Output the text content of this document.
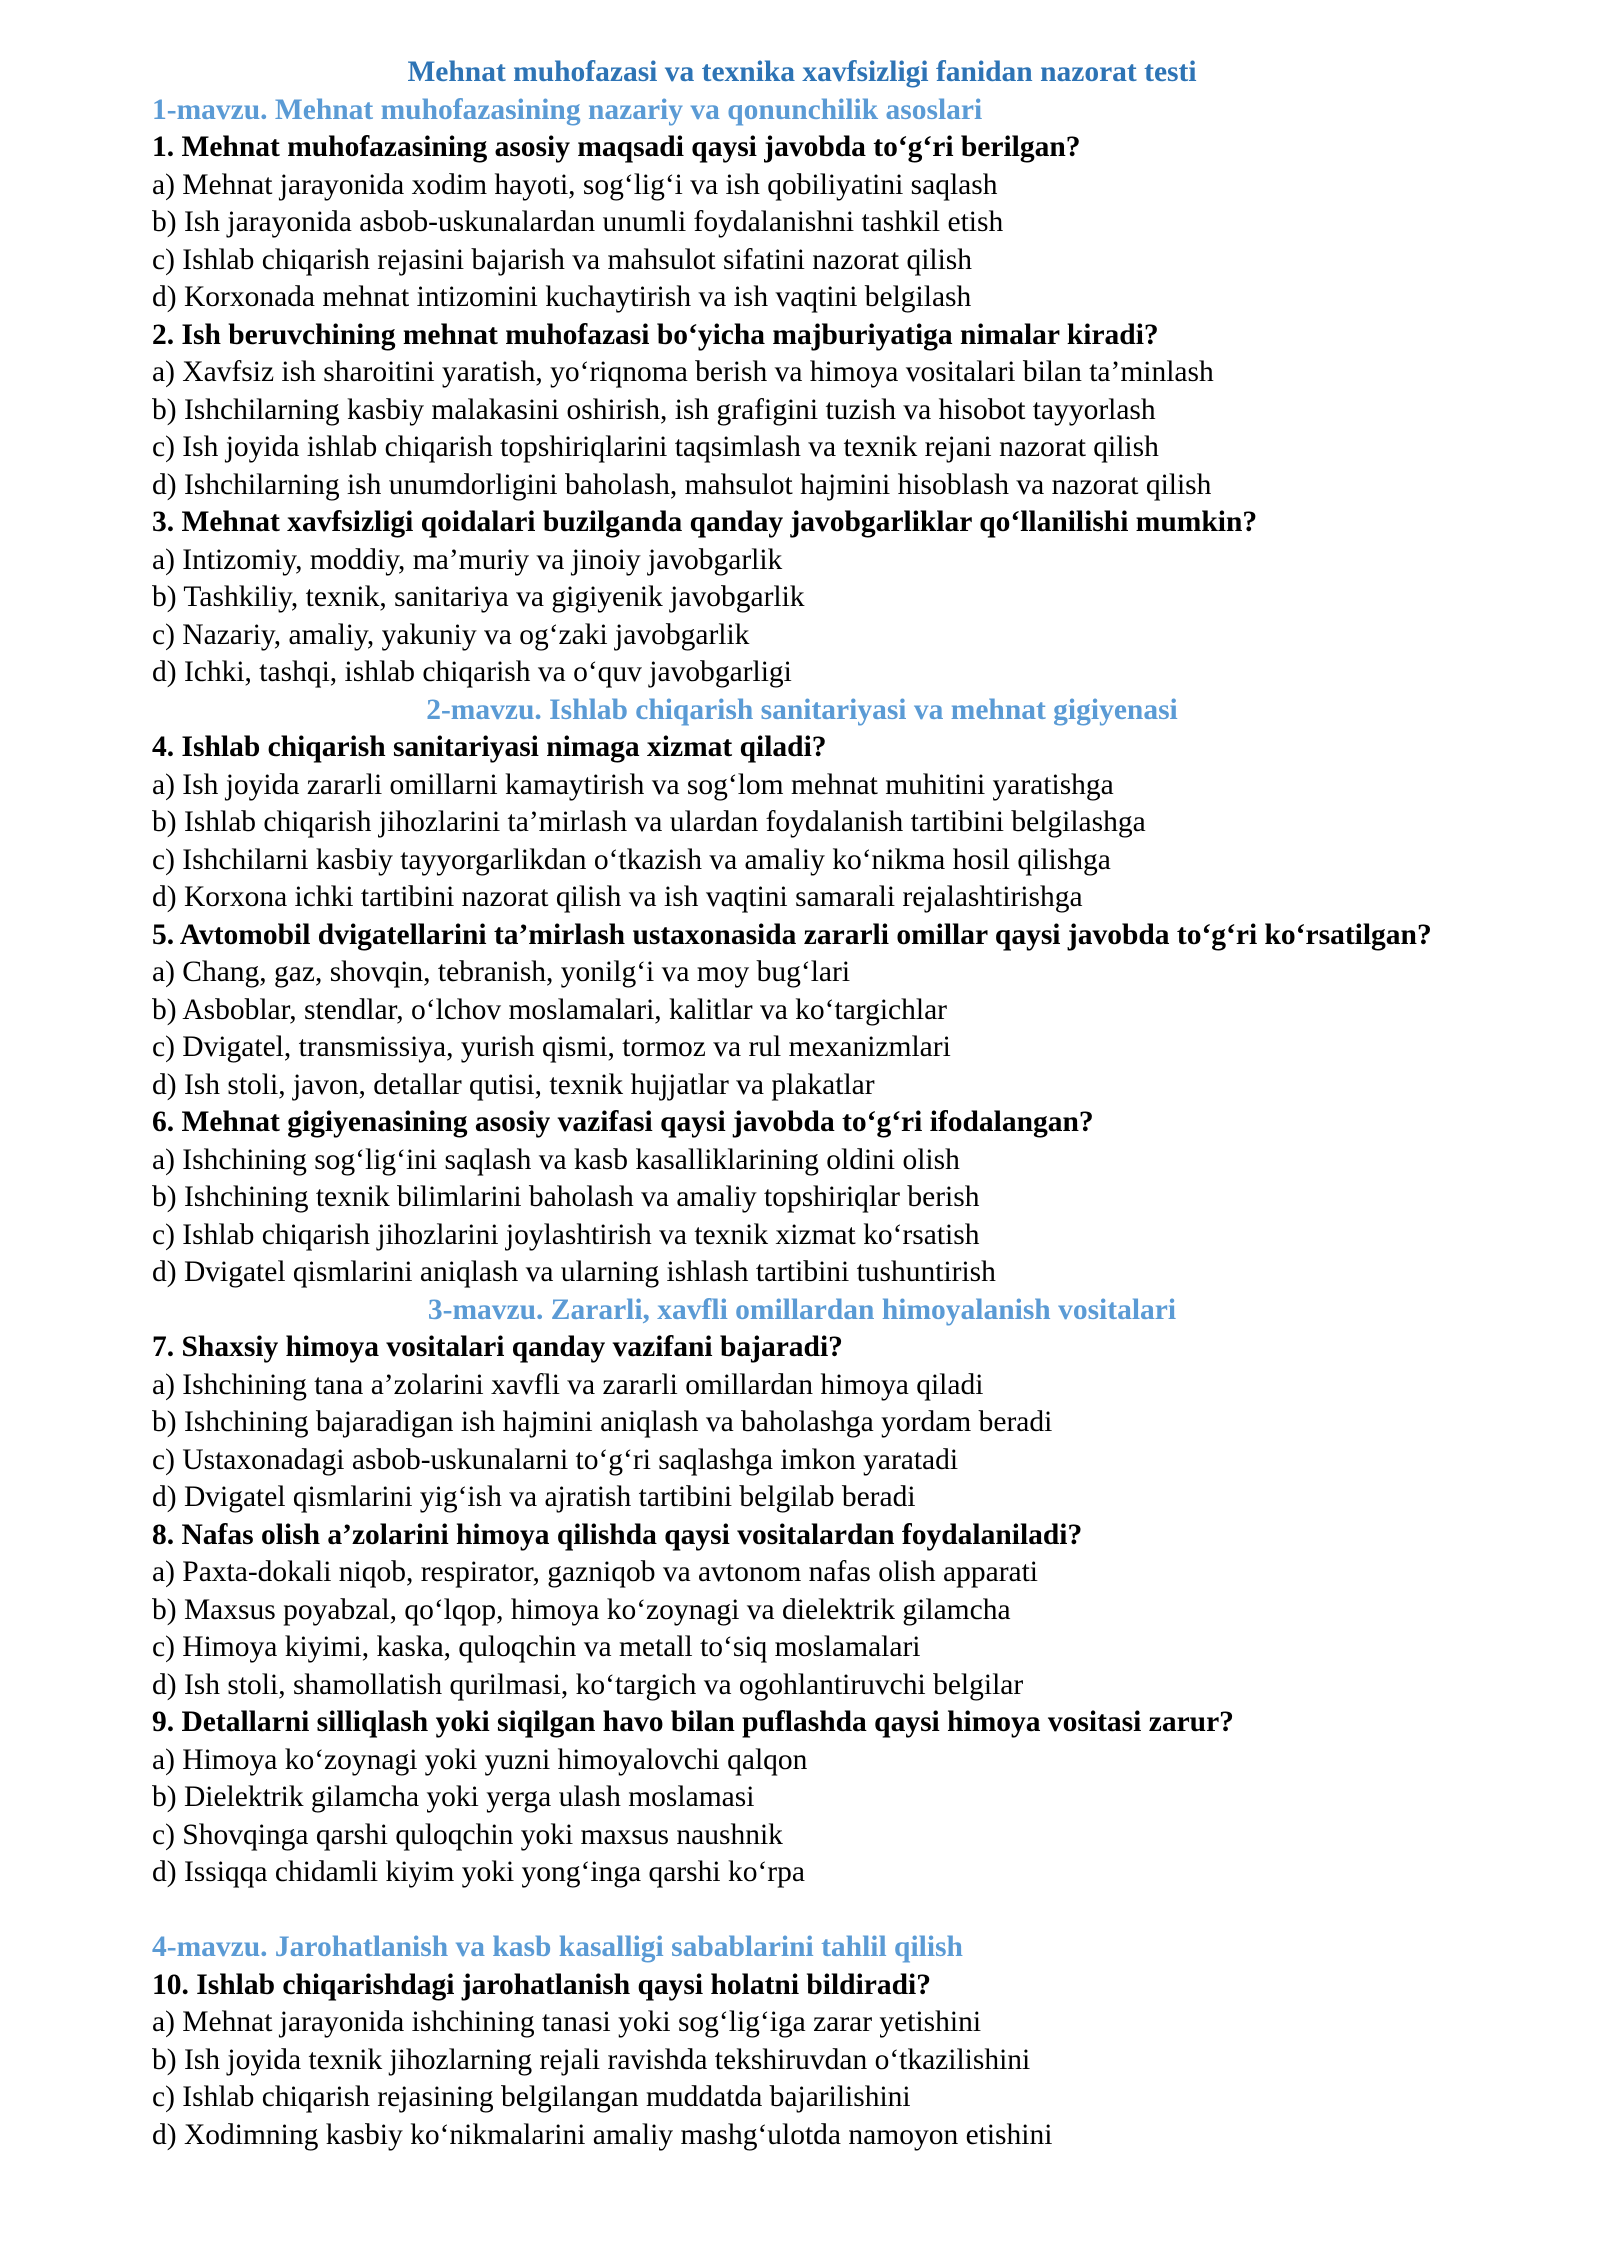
Mehnat muhofazasi va texnika xavfsizligi fanidan nazorat testi
1-mavzu. Mehnat muhofazasining nazariy va qonunchilik asoslari
1. Mehnat muhofazasining asosiy maqsadi qaysi javobda to‘g‘ri berilgan?
a) Mehnat jarayonida xodim hayoti, sog‘lig‘i va ish qobiliyatini saqlash
b) Ish jarayonida asbob-uskunalardan unumli foydalanishni tashkil etish
c) Ishlab chiqarish rejasini bajarish va mahsulot sifatini nazorat qilish
d) Korxonada mehnat intizomini kuchaytirish va ish vaqtini belgilash
2. Ish beruvchining mehnat muhofazasi bo‘yicha majburiyatiga nimalar kiradi?
a) Xavfsiz ish sharoitini yaratish, yo‘riqnoma berish va himoya vositalari bilan ta’minlash
b) Ishchilarning kasbiy malakasini oshirish, ish grafigini tuzish va hisobot tayyorlash
c) Ish joyida ishlab chiqarish topshiriqlarini taqsimlash va texnik rejani nazorat qilish
d) Ishchilarning ish unumdorligini baholash, mahsulot hajmini hisoblash va nazorat qilish
3. Mehnat xavfsizligi qoidalari buzilganda qanday javobgarliklar qo‘llanilishi mumkin?
a) Intizomiy, moddiy, ma’muriy va jinoiy javobgarlik
b) Tashkiliy, texnik, sanitariya va gigiyenik javobgarlik
c) Nazariy, amaliy, yakuniy va og‘zaki javobgarlik
d) Ichki, tashqi, ishlab chiqarish va o‘quv javobgarligi
2-mavzu. Ishlab chiqarish sanitariyasi va mehnat gigiyenasi
4. Ishlab chiqarish sanitariyasi nimaga xizmat qiladi?
a) Ish joyida zararli omillarni kamaytirish va sog‘lom mehnat muhitini yaratishga
b) Ishlab chiqarish jihozlarini ta’mirlash va ulardan foydalanish tartibini belgilashga
c) Ishchilarni kasbiy tayyorgarlikdan o‘tkazish va amaliy ko‘nikma hosil qilishga
d) Korxona ichki tartibini nazorat qilish va ish vaqtini samarali rejalashtirishga
5. Avtomobil dvigatellarini ta’mirlash ustaxonasida zararli omillar qaysi javobda to‘g‘ri ko‘rsatilgan?
a) Chang, gaz, shovqin, tebranish, yonilg‘i va moy bug‘lari
b) Asboblar, stendlar, o‘lchov moslamalari, kalitlar va ko‘targichlar
c) Dvigatel, transmissiya, yurish qismi, tormoz va rul mexanizmlari
d) Ish stoli, javon, detallar qutisi, texnik hujjatlar va plakatlar
6. Mehnat gigiyenasining asosiy vazifasi qaysi javobda to‘g‘ri ifodalangan?
a) Ishchining sog‘lig‘ini saqlash va kasb kasalliklarining oldini olish
b) Ishchining texnik bilimlarini baholash va amaliy topshiriqlar berish
c) Ishlab chiqarish jihozlarini joylashtirish va texnik xizmat ko‘rsatish
d) Dvigatel qismlarini aniqlash va ularning ishlash tartibini tushuntirish
3-mavzu. Zararli, xavfli omillardan himoyalanish vositalari
7. Shaxsiy himoya vositalari qanday vazifani bajaradi?
a) Ishchining tana a’zolarini xavfli va zararli omillardan himoya qiladi
b) Ishchining bajaradigan ish hajmini aniqlash va baholashga yordam beradi
c) Ustaxonadagi asbob-uskunalarni to‘g‘ri saqlashga imkon yaratadi
d) Dvigatel qismlarini yig‘ish va ajratish tartibini belgilab beradi
8. Nafas olish a’zolarini himoya qilishda qaysi vositalardan foydalaniladi?
a) Paxta-dokali niqob, respirator, gazniqob va avtonom nafas olish apparati
b) Maxsus poyabzal, qo‘lqop, himoya ko‘zoynagi va dielektrik gilamcha
c) Himoya kiyimi, kaska, quloqchin va metall to‘siq moslamalari
d) Ish stoli, shamollatish qurilmasi, ko‘targich va ogohlantiruvchi belgilar
9. Detallarni silliqlash yoki siqilgan havo bilan puflashda qaysi himoya vositasi zarur?
a) Himoya ko‘zoynagi yoki yuzni himoyalovchi qalqon
b) Dielektrik gilamcha yoki yerga ulash moslamasi
c) Shovqinga qarshi quloqchin yoki maxsus naushnik
d) Issiqqa chidamli kiyim yoki yong‘inga qarshi ko‘rpa
4-mavzu. Jarohatlanish va kasb kasalligi sabablarini tahlil qilish
10. Ishlab chiqarishdagi jarohatlanish qaysi holatni bildiradi?
a) Mehnat jarayonida ishchining tanasi yoki sog‘lig‘iga zarar yetishini
b) Ish joyida texnik jihozlarning rejali ravishda tekshiruvdan o‘tkazilishini
c) Ishlab chiqarish rejasining belgilangan muddatda bajarilishini
d) Xodimning kasbiy ko‘nikmalarini amaliy mashg‘ulotda namoyon etishini
